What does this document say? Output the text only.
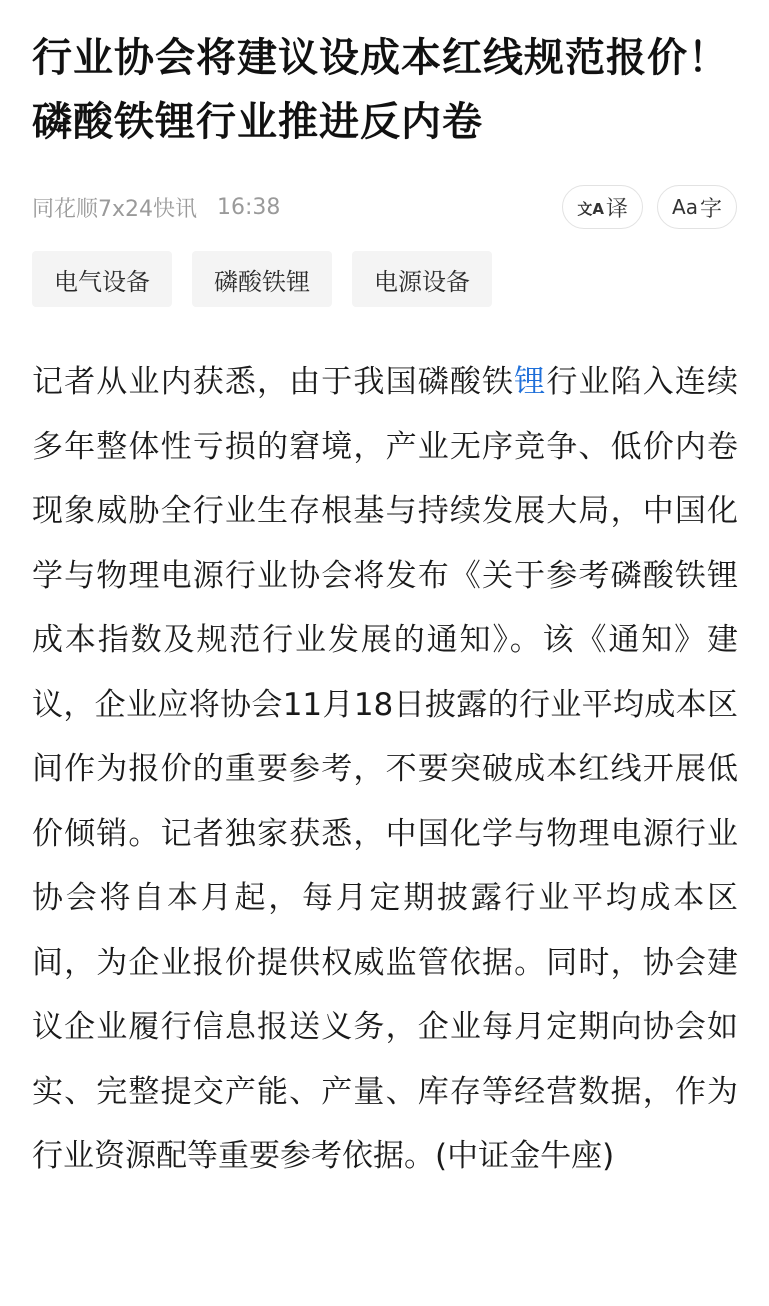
行业协会将建议设成本红线规范报价！磷酸铁锂行业推进反内卷
同花顺7x24快讯 16:38	文A 译 Aa 字
电气设备	磷酸铁锂	电源设备

记者从业内获悉，由于我国磷酸铁锂行业陷入连续多年整体性亏损的窘境，产业无序竞争、低价内卷现象威胁全行业生存根基与持续发展大局，中国化学与物理电源行业协会将发布《关于参考磷酸铁锂成本指数及规范行业发展的通知》。该《通知》建议，企业应将协会11月18日披露的行业平均成本区间作为报价的重要参考，不要突破成本红线开展低价倾销。记者独家获悉，中国化学与物理电源行业协会将自本月起，每月定期披露行业平均成本区间，为企业报价提供权威监管依据。同时，协会建议企业履行信息报送义务，企业每月定期向协会如实、完整提交产能、产量、库存等经营数据，作为行业资源配等重要参考依据。(中证金牛座)
